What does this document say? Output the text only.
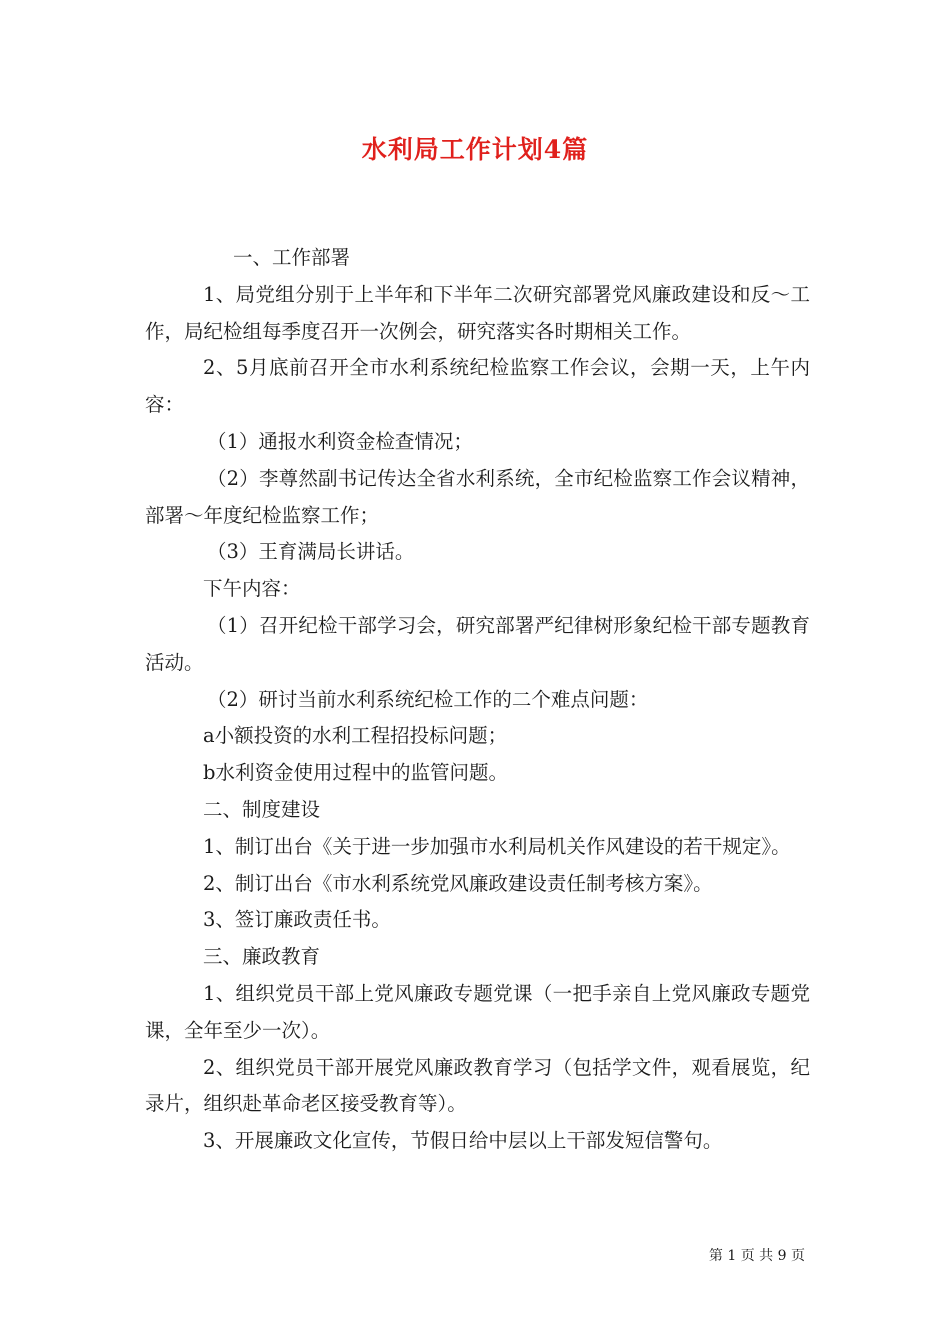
水利局工作计划4篇

一、工作部署

1、局党组分别于上半年和下半年二次研究部署党风廉政建设和反～工作，局纪检组每季度召开一次例会，研究落实各时期相关工作。

2、5月底前召开全市水利系统纪检监察工作会议，会期一天，上午内容：

（1）通报水利资金检查情况；

（2）李尊然副书记传达全省水利系统，全市纪检监察工作会议精神，部署～年度纪检监察工作；

（3）王育满局长讲话。

下午内容：

（1）召开纪检干部学习会，研究部署严纪律树形象纪检干部专题教育活动。

（2）研讨当前水利系统纪检工作的二个难点问题：

a小额投资的水利工程招投标问题；

b水利资金使用过程中的监管问题。

二、制度建设

1、制订出台《关于进一步加强市水利局机关作风建设的若干规定》。

2、制订出台《市水利系统党风廉政建设责任制考核方案》。

3、签订廉政责任书。

三、廉政教育

1、组织党员干部上党风廉政专题党课（一把手亲自上党风廉政专题党课，全年至少一次）。

2、组织党员干部开展党风廉政教育学习（包括学文件，观看展览，纪录片，组织赴革命老区接受教育等）。

3、开展廉政文化宣传，节假日给中层以上干部发短信警句。

第 1 页 共 9 页
